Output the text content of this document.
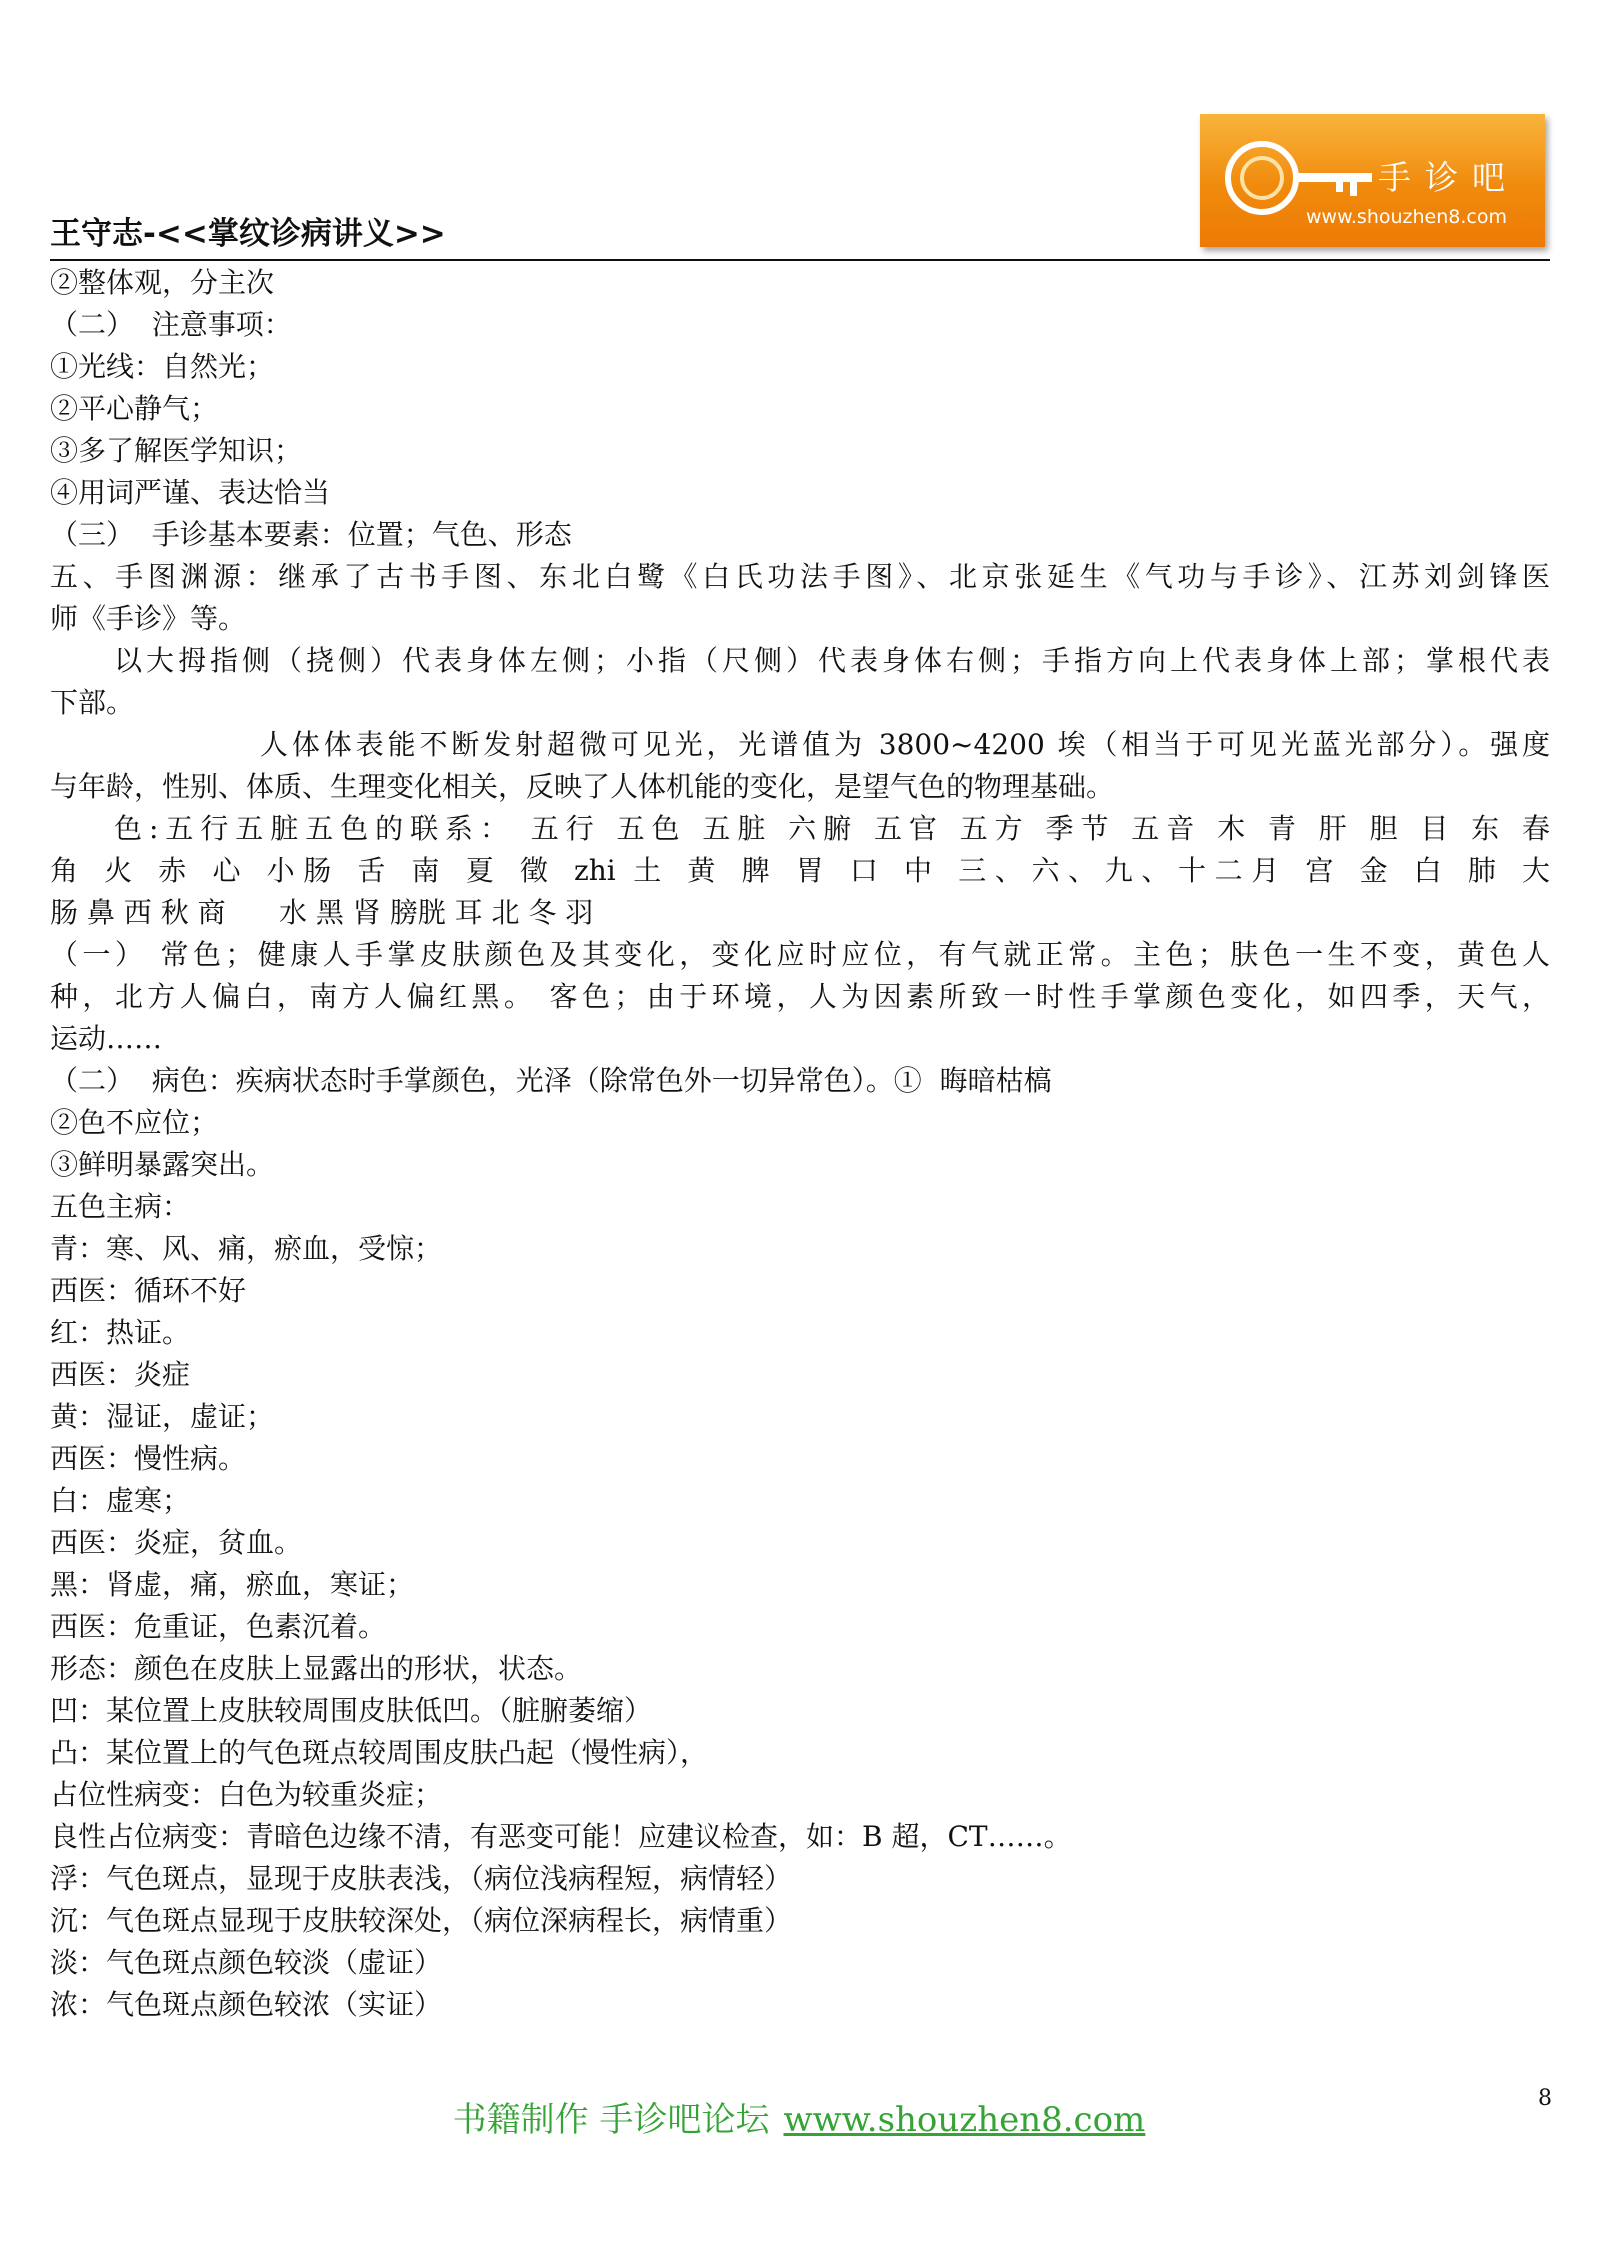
王守志-<<掌纹诊病讲义>>
手诊吧
www.shouzhen8.com
②整体观，分主次
（二）  注意事项：
①光线：自然光；
②平心静气；
③多了解医学知识；
④用词严谨、表达恰当
（三）  手诊基本要素：位置；气色、形态
五、手图渊源：继承了古书手图、东北白鹭《白氏功法手图》、北京张延生《气功与手诊》、江苏刘剑锋医
师《手诊》等。
以大拇指侧（挠侧）代表身体左侧；小指（尺侧）代表身体右侧；手指方向上代表身体上部；掌根代表
下部。
人体体表能不断发射超微可见光，光谱值为 3800~4200 埃（相当于可见光蓝光部分）。强度
与年龄，性别、体质、生理变化相关，反映了人体机能的变化，是望气色的物理基础。
色:五行五脏五色的联系： 五行 五色 五脏 六腑 五官 五方 季节 五音 木 青 肝 胆 目 东 春
角 火 赤 心 小肠 舌 南 夏 徵 zhi 土 黄 脾 胃 口 中 三、六、九、十二月 宫 金 白 肺 大
肠 鼻 西 秋 商      水 黑 肾 膀胱 耳 北 冬 羽
（一） 常色；健康人手掌皮肤颜色及其变化，变化应时应位，有气就正常。主色；肤色一生不变，黄色人
种，北方人偏白，南方人偏红黑。 客色；由于环境，人为因素所致一时性手掌颜色变化，如四季，天气，
运动……
（二）  病色：疾病状态时手掌颜色，光泽（除常色外一切异常色）。①  晦暗枯槁
②色不应位；
③鲜明暴露突出。
五色主病：
青：寒、风、痛，瘀血，受惊；
西医：循环不好
红：热证。
西医：炎症
黄：湿证，虚证；
西医：慢性病。
白：虚寒；
西医：炎症，贫血。
黑：肾虚，痛，瘀血，寒证；
西医：危重证，色素沉着。
形态：颜色在皮肤上显露出的形状，状态。
凹：某位置上皮肤较周围皮肤低凹。（脏腑萎缩）
凸：某位置上的气色斑点较周围皮肤凸起（慢性病），
占位性病变：白色为较重炎症；
良性占位病变：青暗色边缘不清，有恶变可能！应建议检查，如：B 超，CT……。
浮：气色斑点，显现于皮肤表浅，（病位浅病程短，病情轻）
沉：气色斑点显现于皮肤较深处，（病位深病程长，病情重）
淡：气色斑点颜色较淡（虚证）
浓：气色斑点颜色较浓（实证）
书籍制作 手诊吧论坛 www.shouzhen8.com
8
